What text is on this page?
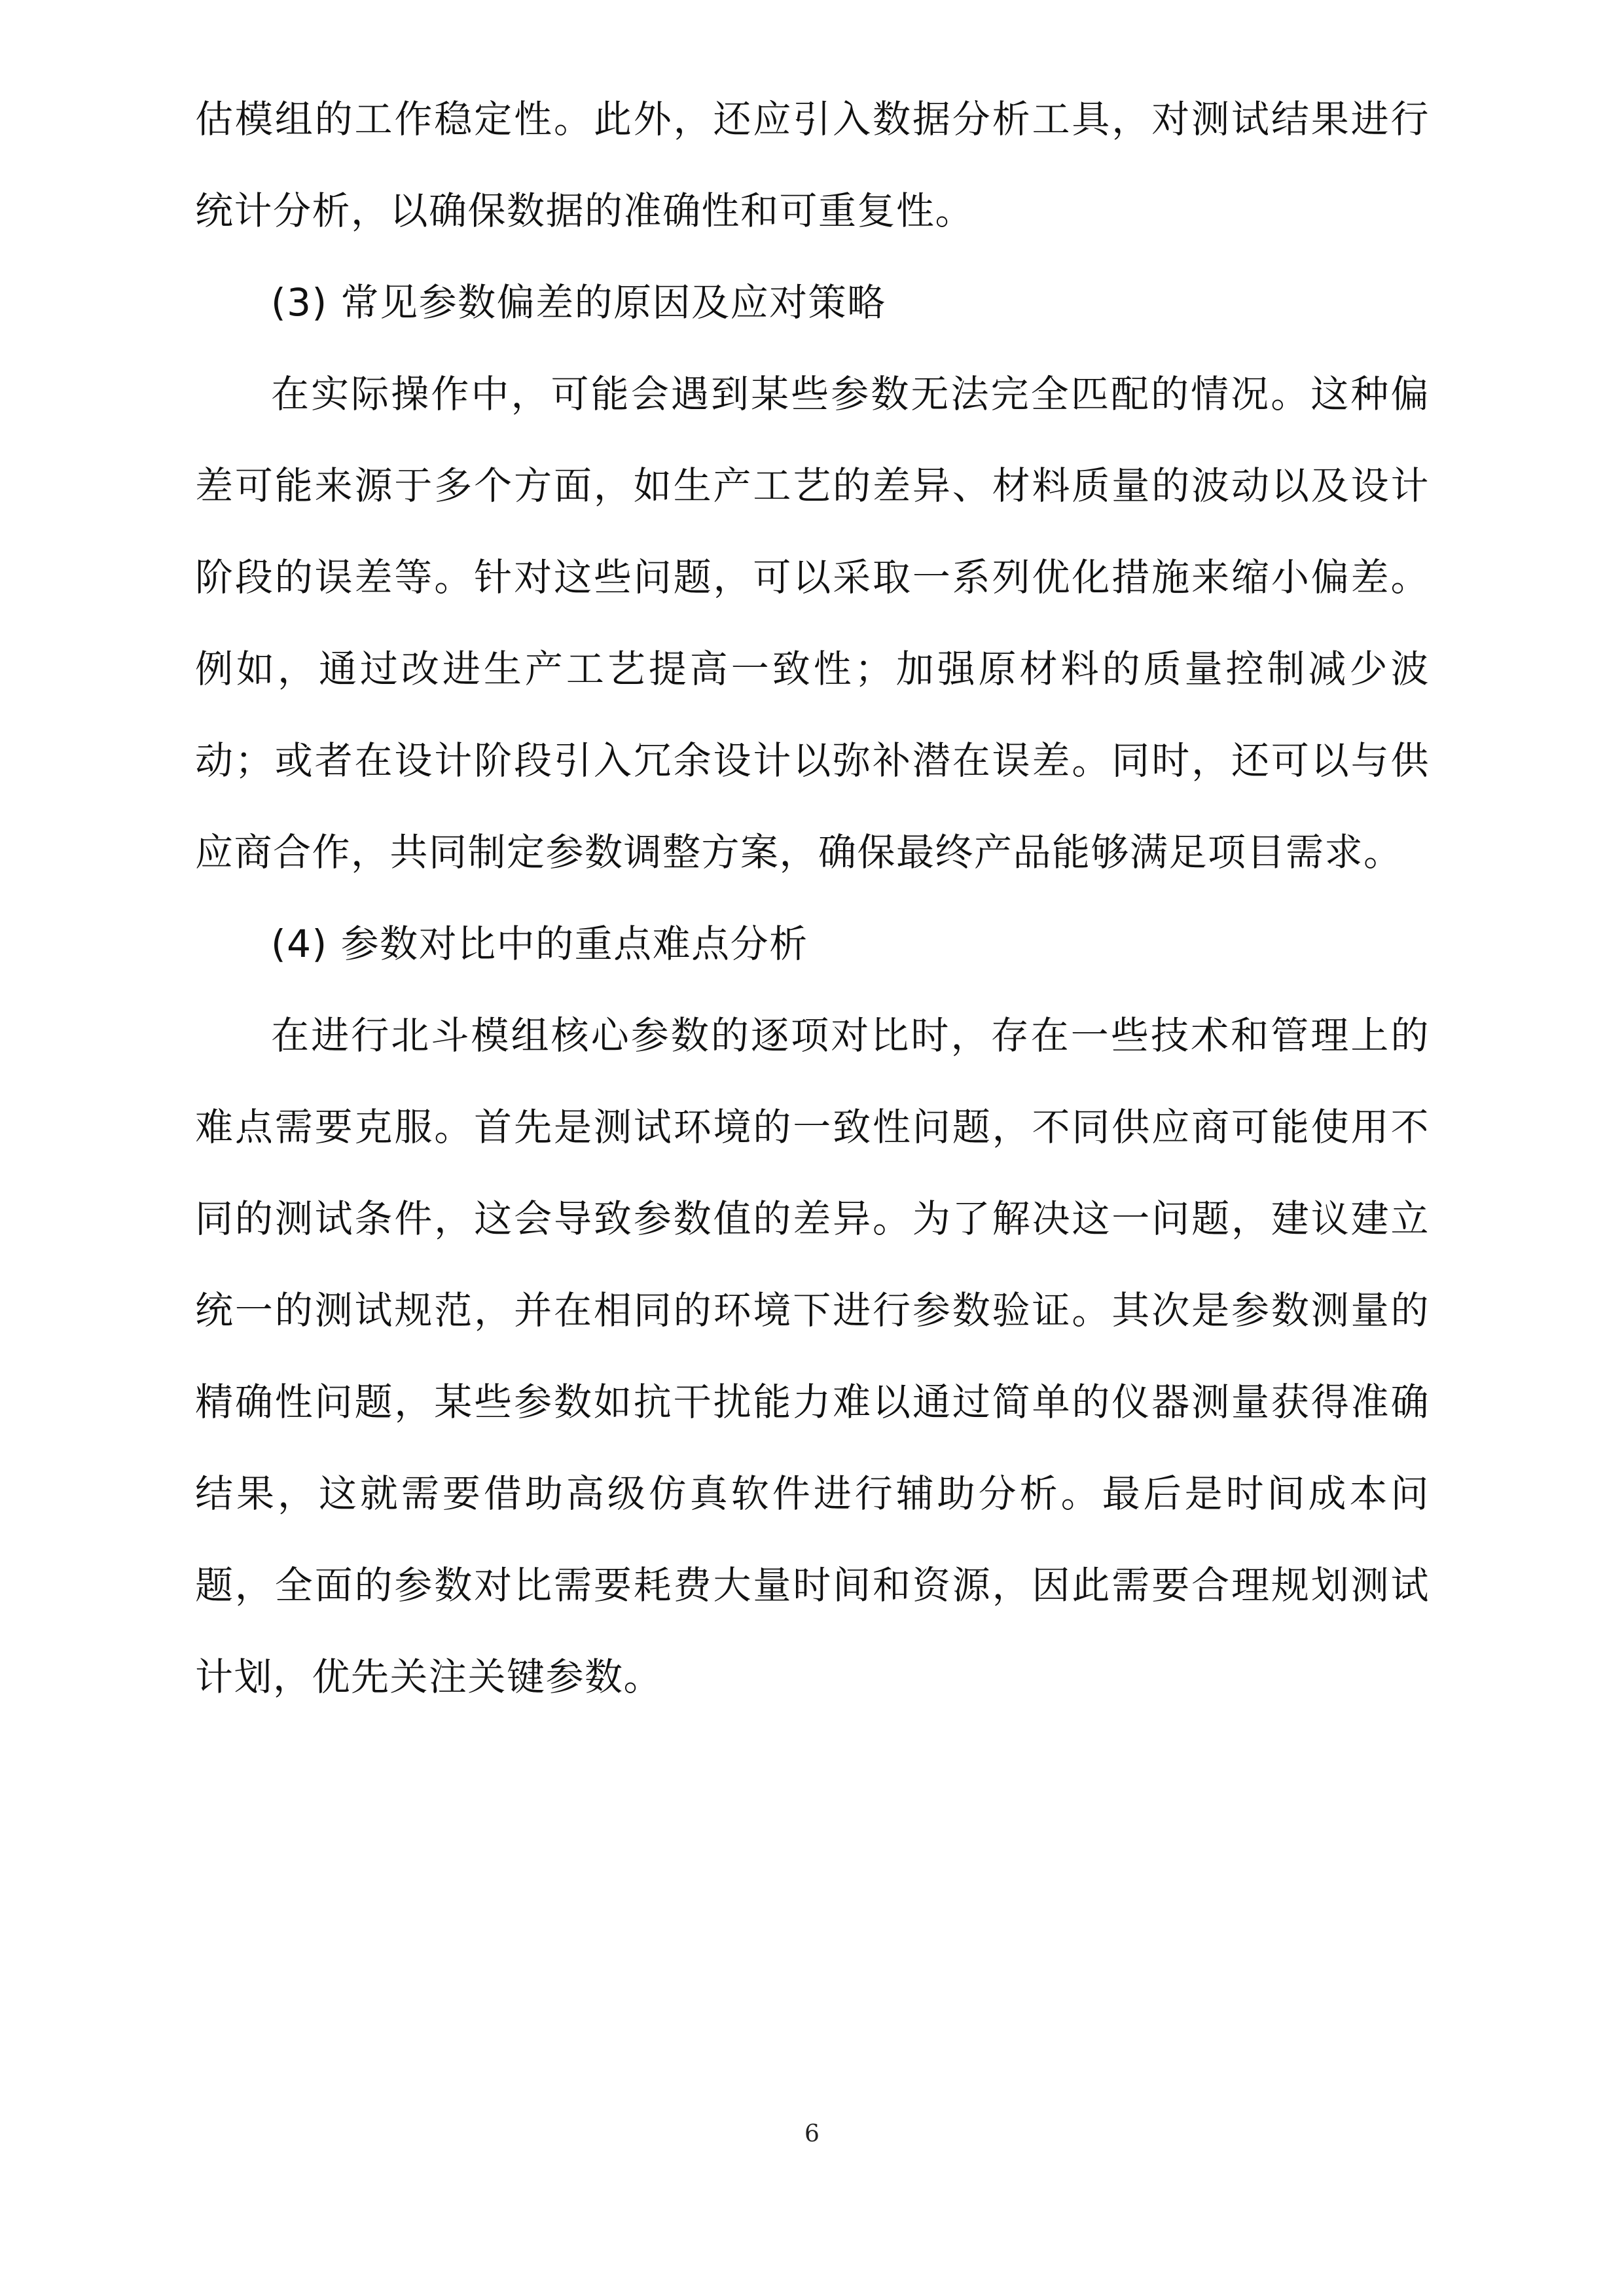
估模组的工作稳定性。此外，还应引入数据分析工具，对测试结果进行统计分析，以确保数据的准确性和可重复性。

(3) 常见参数偏差的原因及应对策略

在实际操作中，可能会遇到某些参数无法完全匹配的情况。这种偏差可能来源于多个方面，如生产工艺的差异、材料质量的波动以及设计阶段的误差等。针对这些问题，可以采取一系列优化措施来缩小偏差。例如，通过改进生产工艺提高一致性；加强原材料的质量控制减少波动；或者在设计阶段引入冗余设计以弥补潜在误差。同时，还可以与供应商合作，共同制定参数调整方案，确保最终产品能够满足项目需求。

(4) 参数对比中的重点难点分析

在进行北斗模组核心参数的逐项对比时，存在一些技术和管理上的难点需要克服。首先是测试环境的一致性问题，不同供应商可能使用不同的测试条件，这会导致参数值的差异。为了解决这一问题，建议建立统一的测试规范，并在相同的环境下进行参数验证。其次是参数测量的精确性问题，某些参数如抗干扰能力难以通过简单的仪器测量获得准确结果，这就需要借助高级仿真软件进行辅助分析。最后是时间成本问题，全面的参数对比需要耗费大量时间和资源，因此需要合理规划测试计划，优先关注关键参数。

6
